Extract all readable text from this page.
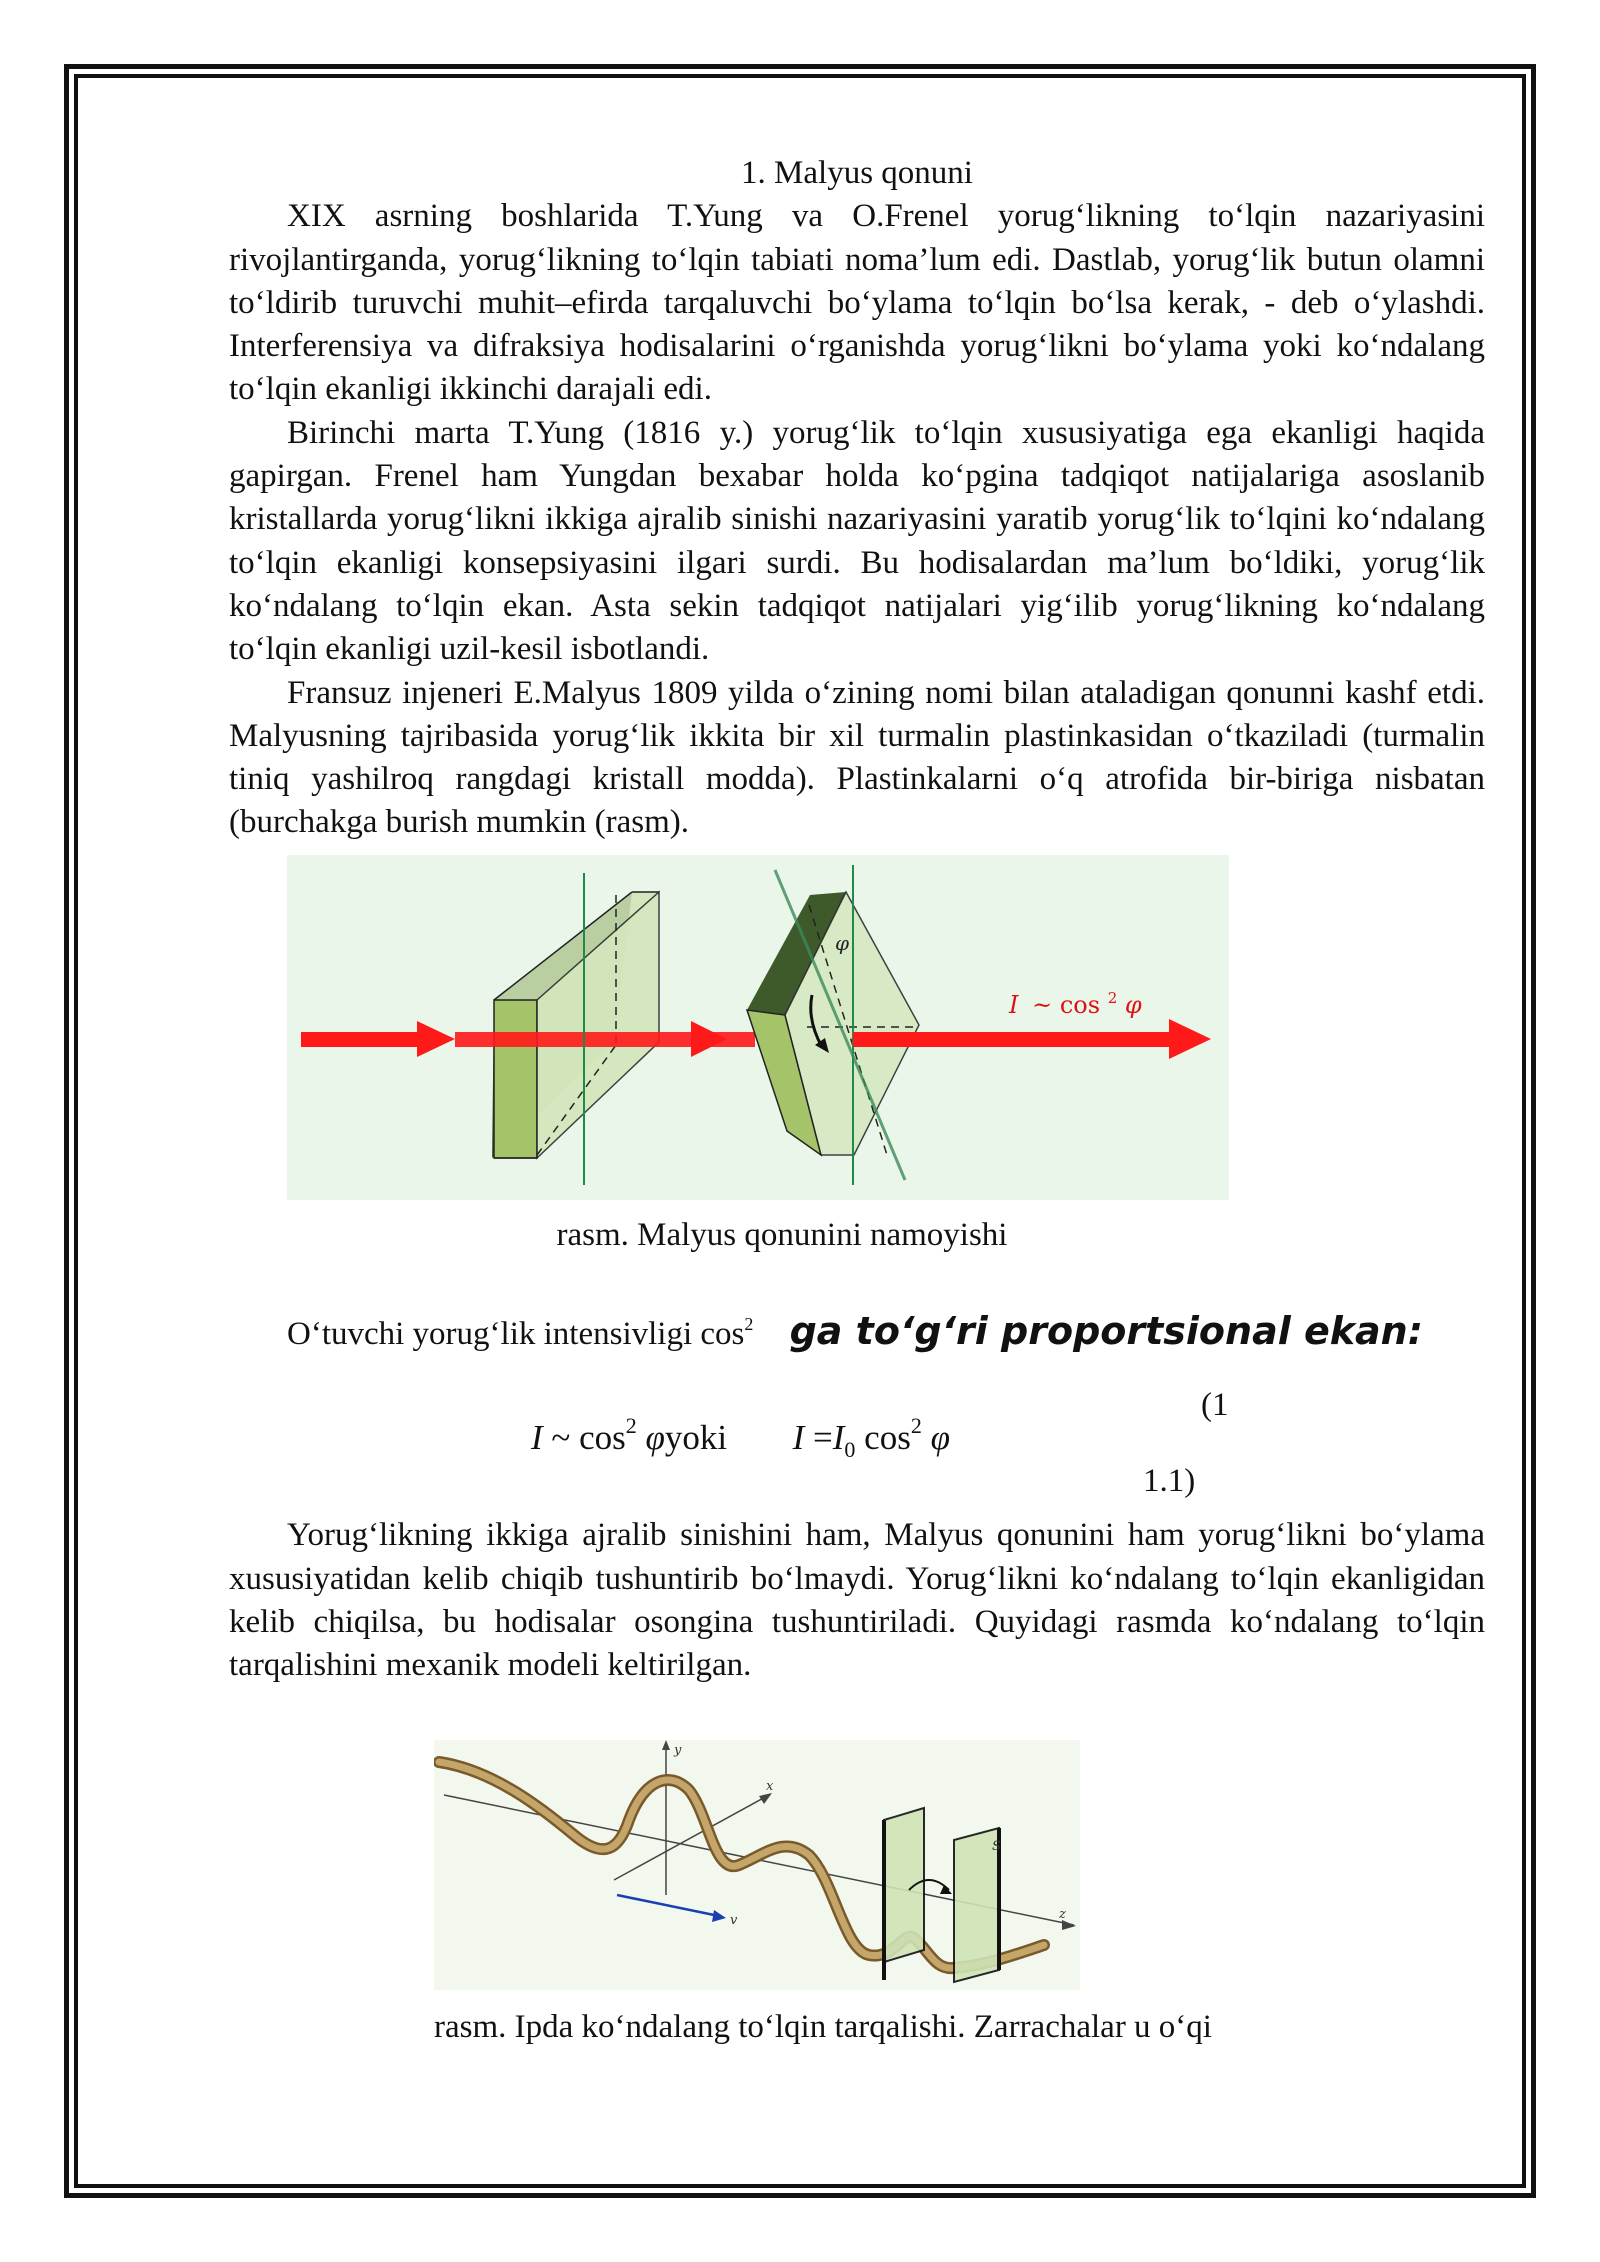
1. Malyus qonuni

XIX asrning boshlarida T.Yung va O.Frenel yorug‘likning to‘lqin nazariyasini rivojlantirganda, yorug‘likning to‘lqin tabiati noma’lum edi. Dastlab, yorug‘lik butun olamni to‘ldirib turuvchi muhit–efirda tarqaluvchi bo‘ylama to‘lqin bo‘lsa kerak, - deb o‘ylashdi. Interferensiya va difraksiya hodisalarini o‘rganishda yorug‘likni bo‘ylama yoki ko‘ndalang to‘lqin ekanligi ikkinchi darajali edi.

Birinchi marta T.Yung (1816 y.) yorug‘lik to‘lqin xususiyatiga ega ekanligi haqida gapirgan. Frenel ham Yungdan bexabar holda ko‘pgina tadqiqot natijalariga asoslanib kristallarda yorug‘likni ikkiga ajralib sinishi nazariyasini yaratib yorug‘lik to‘lqini ko‘ndalang to‘lqin ekanligi konsepsiyasini ilgari surdi. Bu hodisalardan ma’lum bo‘ldiki, yorug‘lik ko‘ndalang to‘lqin ekan. Asta sekin tadqiqot natijalari yig‘ilib yorug‘likning ko‘ndalang to‘lqin ekanligi uzil-kesil isbotlandi.

Fransuz injeneri E.Malyus 1809 yilda o‘zining nomi bilan ataladigan qonunni kashf etdi. Malyusning tajribasida yorug‘lik ikkita bir xil turmalin plastinkasidan o‘tkaziladi (turmalin tiniq yashilroq rangdagi kristall modda). Plastinkalarni o‘q atrofida bir-biriga nisbatan (burchakga burish mumkin (rasm).

φ
I ~ cos $^2$ φ

rasm. Malyus qonunini namoyishi

O‘tuvchi yorug‘lik intensivligi $\cos^2$ ga to‘g‘ri proportsional ekan:
I ~ $\cos^2$ φyoki $I =I_0$ $\cos^2 \varphi$
(1
1.1)

Yorug‘likning ikkiga ajralib sinishini ham, Malyus qonunini ham yorug‘likni bo‘ylama xususiyatidan kelib chiqib tushuntirib bo‘lmaydi. Yorug‘likni ko‘ndalang to‘lqin ekanligidan kelib chiqilsa, bu hodisalar osongina tushuntiriladi. Quyidagi rasmda ko‘ndalang to‘lqin tarqalishini mexanik modeli keltirilgan.

y
x
z
S
v

rasm. Ipda ko‘ndalang to‘lqin tarqalishi. Zarrachalar u o‘qi
